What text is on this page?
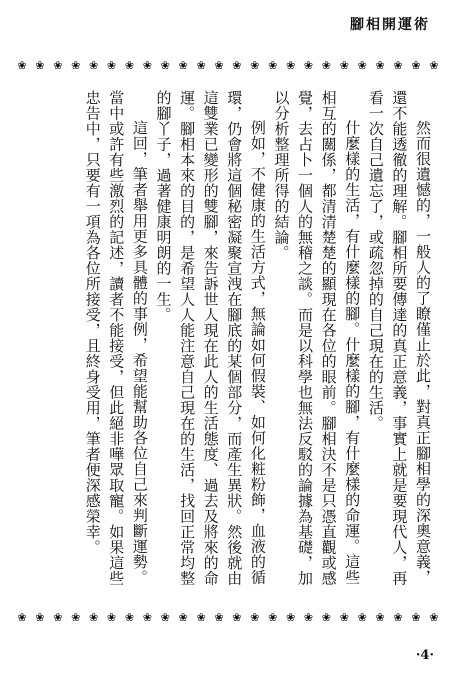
腳相開運術
❀ ❀ ❀ ❀ ❀ ❀ ❀ ❀ ❀ ❀ ❀ ❀ ❀ ❀ ❀ ❀ ❀ ❀ ❀ ❀ ❀ ❀ ❀ ❀

然而很遺憾的，一般人的了瞭僅止於此，對真正腳相學的深奧意義，還不能透徹的理解。腳相所要傳達的真正意義，事實上就是要現代人，再看一次自己遺忘了，或疏忽掉的自己現在的生活。

什麼樣的生活，有什麼樣的腳。什麼樣的腳，有什麼樣的命運。這些相互的關係，都清清楚楚的顯現在各位的眼前。腳相決不是只憑直觀或感覺，去占卜一個人的無稽之談。而是以科學也無法反駁的論據為基礎，加以分析整理所得的結論。

例如，不健康的生活方式，無論如何假裝、如何化粧粉飾，血液的循環，仍會將這個秘密凝聚宣洩在腳底的某個部分，而產生異狀。然後就由這雙業已變形的雙腳，來告訴世人現在此人的生活態度、過去及將來的命運。腳相本來的目的，是希望人人能注意自己現在的生活，找回正常均整的腳丫子，過著健康明朗的一生。

這回，筆者舉用更多具體的事例，希望能幫助各位自己來判斷運勢。當中或許有些激烈的記述，讀者不能接受，但此絕非嘩眾取寵。如果這些忠告中，只要有一項為各位所接受，且終身受用，筆者便深感榮幸。

❀ ❀ ❀ ❀ ❀ ❀ ❀ ❀ ❀ ❀ ❀ ❀ ❀ ❀ ❀ ❀ ❀ ❀ ❀ ❀ ❀ ❀ ❀ ❀
·4·
